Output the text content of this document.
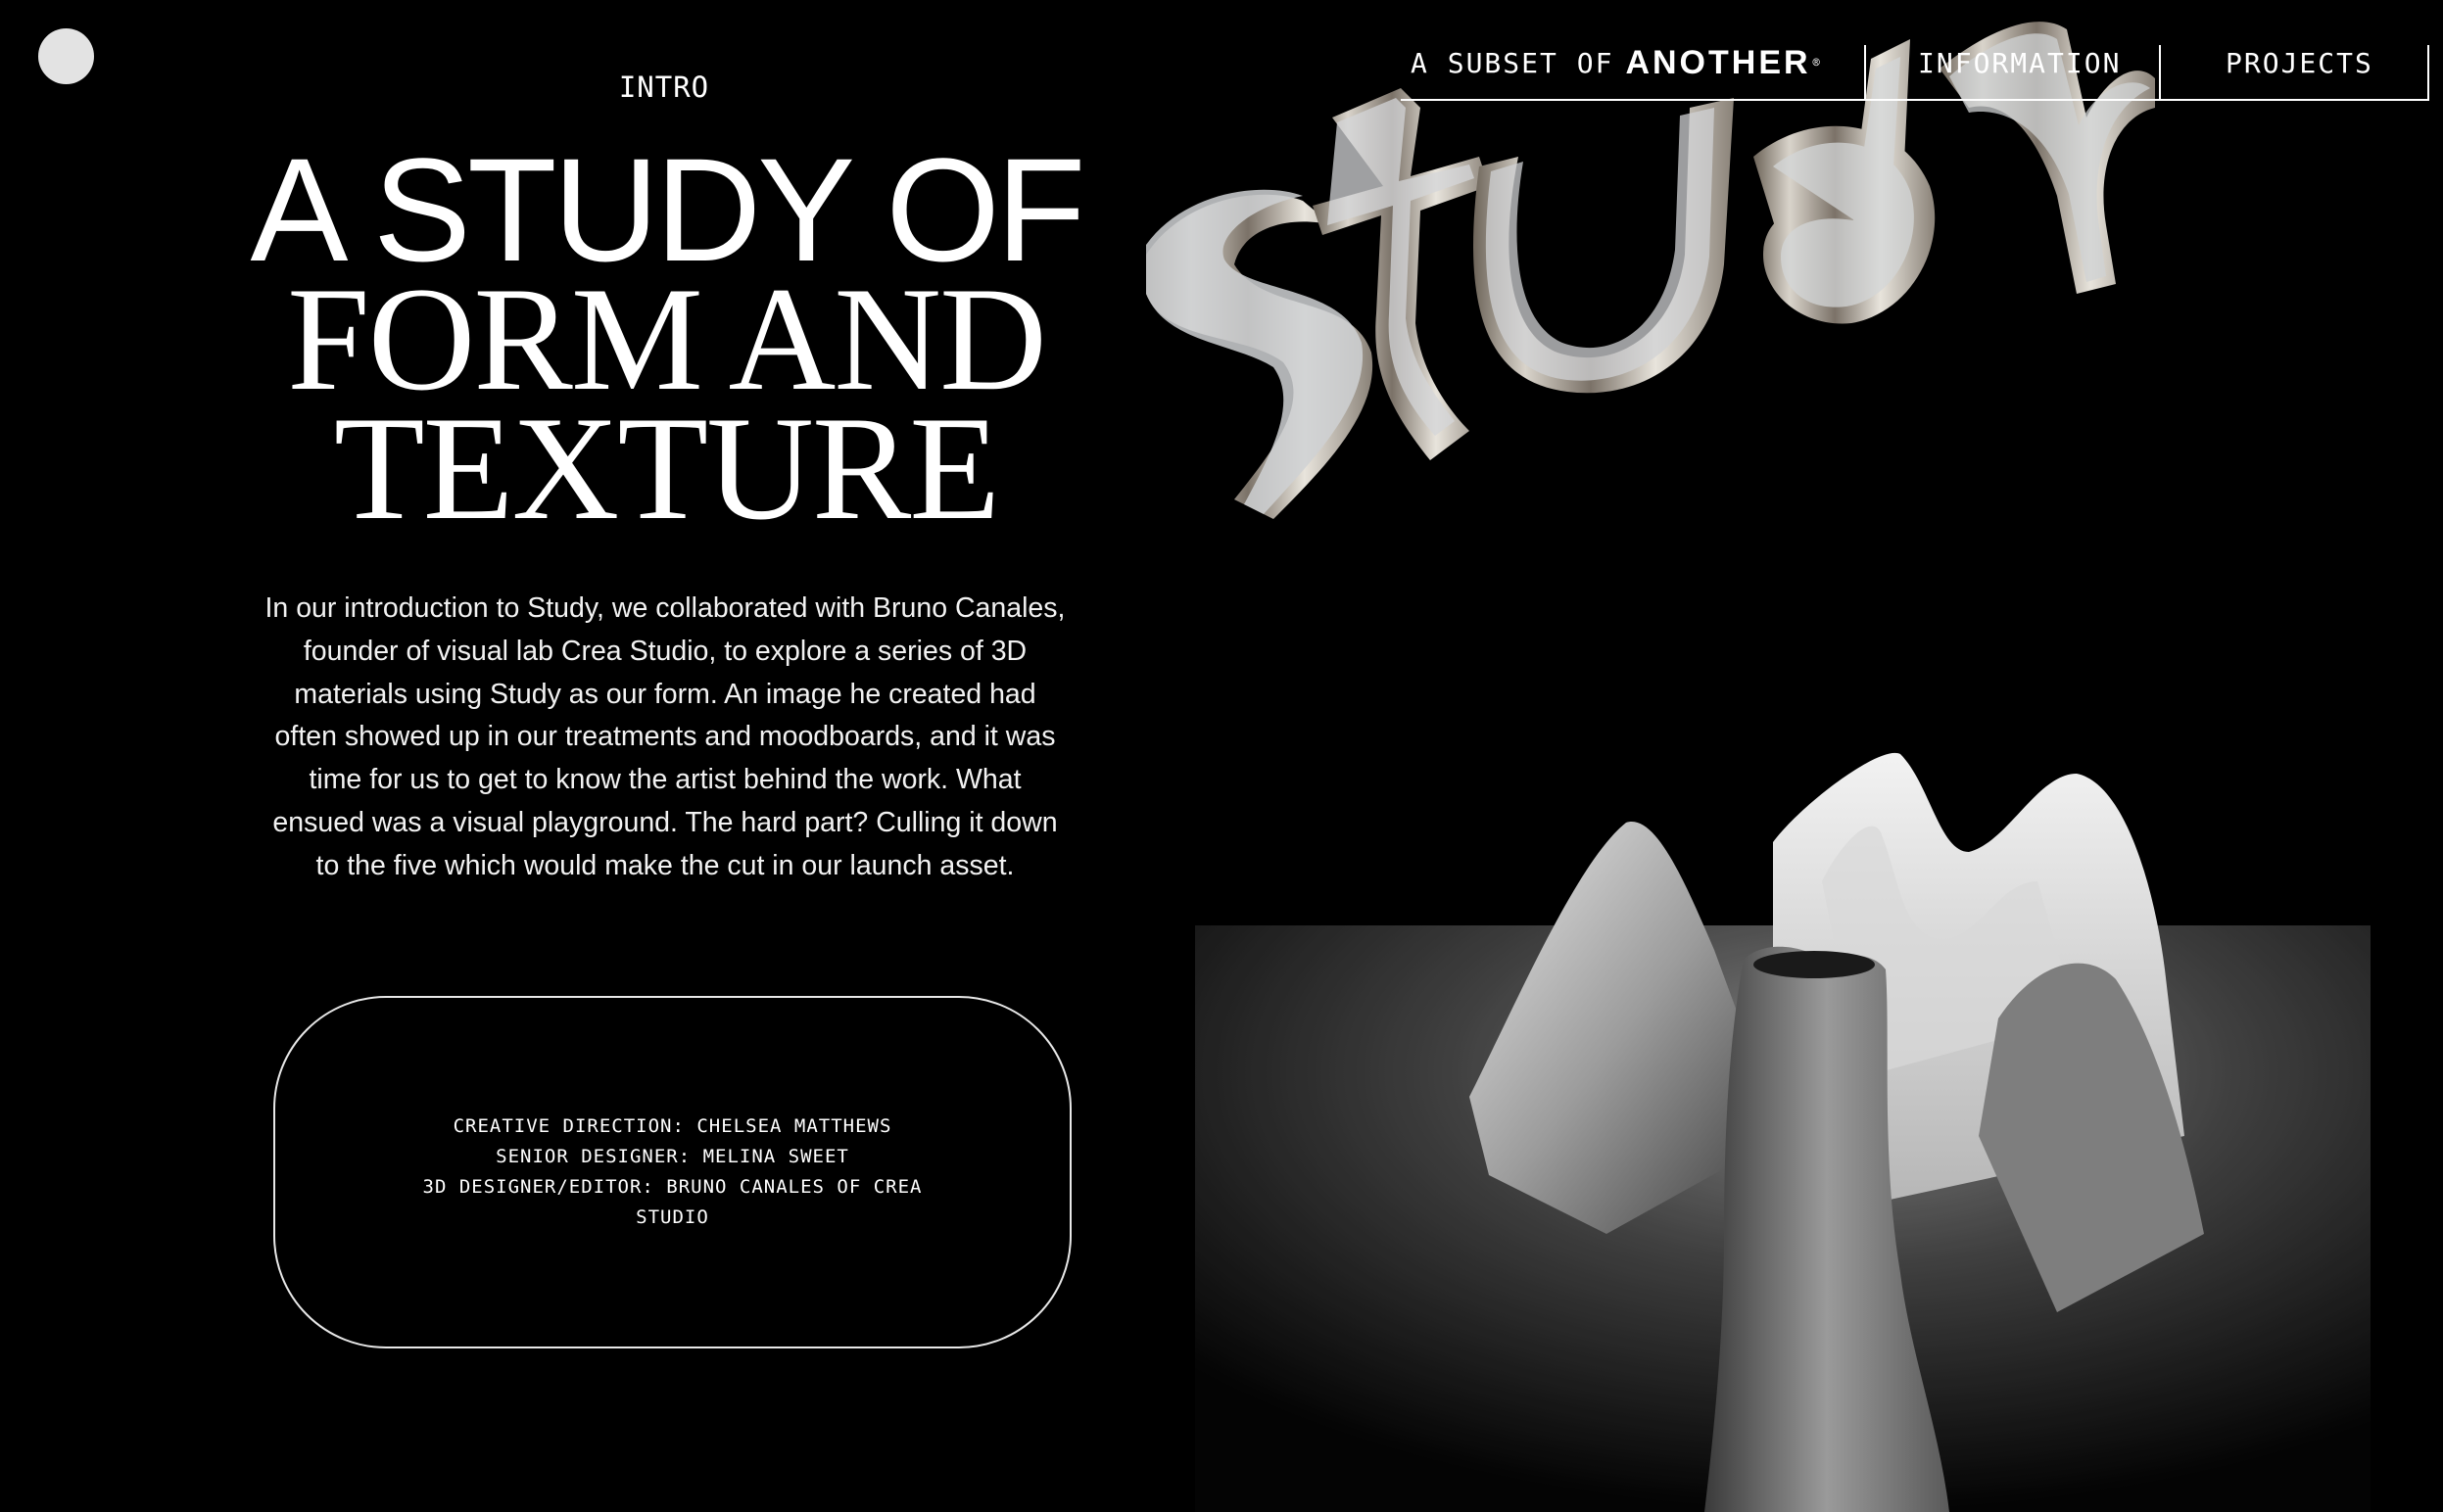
INTRO
A SUBSET OF ANOTHER ®	INFORMATION	PROJECTS
A STUDY OF
FORM AND
TEXTURE

In our introduction to Study, we collaborated with Bruno Canales, founder of visual lab Crea Studio, to explore a series of 3D materials using Study as our form. An image he created had often showed up in our treatments and moodboards, and it was time for us to get to know the artist behind the work. What ensued was a visual playground. The hard part? Culling it down to the five which would make the cut in our launch asset.

CREATIVE DIRECTION: CHELSEA MATTHEWS
SENIOR DESIGNER: MELINA SWEET
3D DESIGNER/EDITOR: BRUNO CANALES OF CREA STUDIO
